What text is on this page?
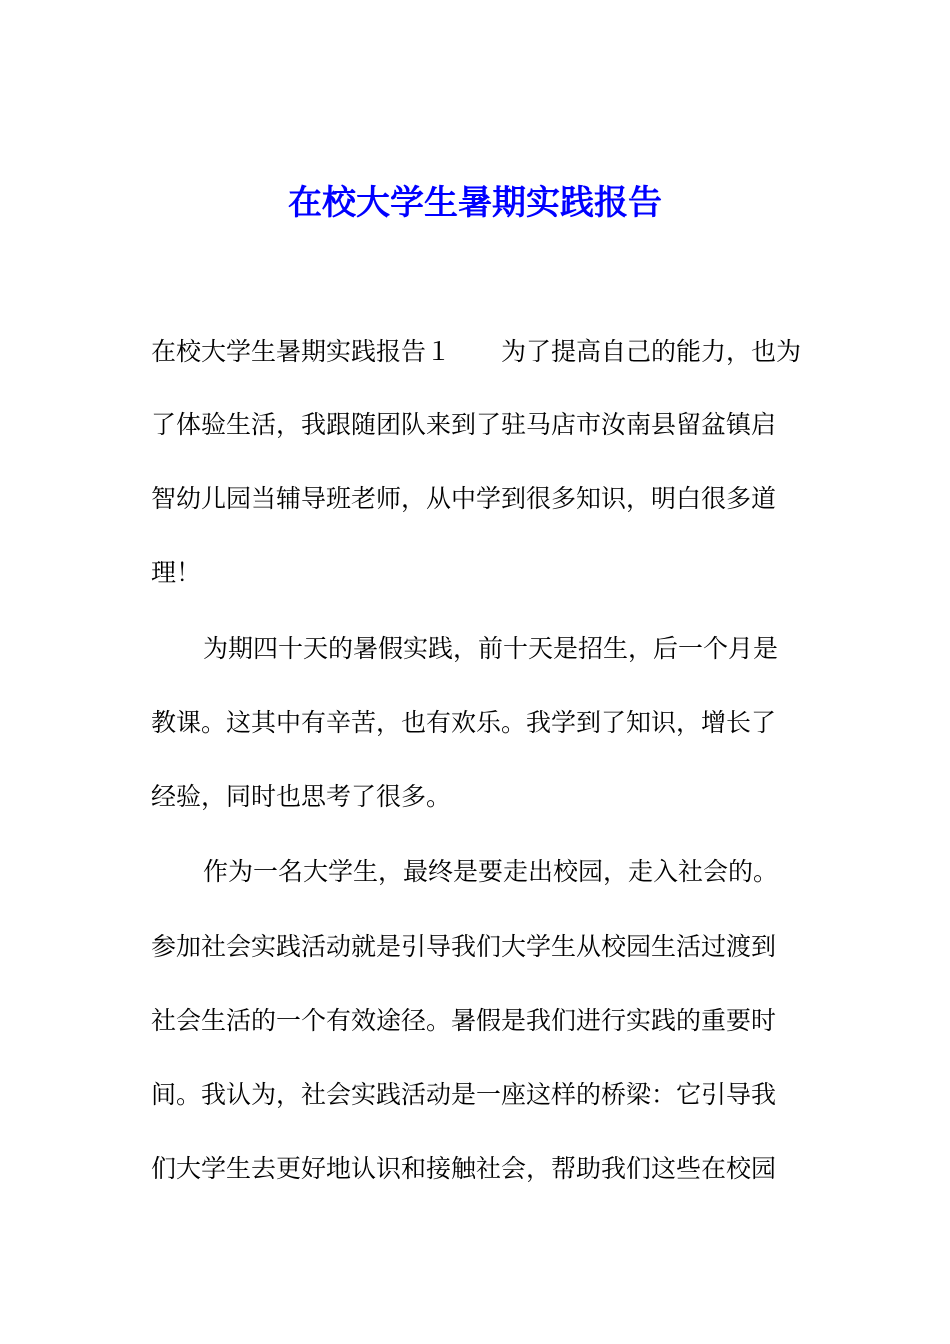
在校大学生暑期实践报告
在校大学生暑期实践报告１　　为了提高自己的能力，也为
了体验生活，我跟随团队来到了驻马店市汝南县留盆镇启
智幼儿园当辅导班老师，从中学到很多知识，明白很多道
理！
为期四十天的暑假实践，前十天是招生，后一个月是
教课。这其中有辛苦，也有欢乐。我学到了知识，增长了
经验，同时也思考了很多。
作为一名大学生，最终是要走出校园，走入社会的。
参加社会实践活动就是引导我们大学生从校园生活过渡到
社会生活的一个有效途径。暑假是我们进行实践的重要时
间。我认为，社会实践活动是一座这样的桥梁：它引导我
们大学生去更好地认识和接触社会，帮助我们这些在校园
